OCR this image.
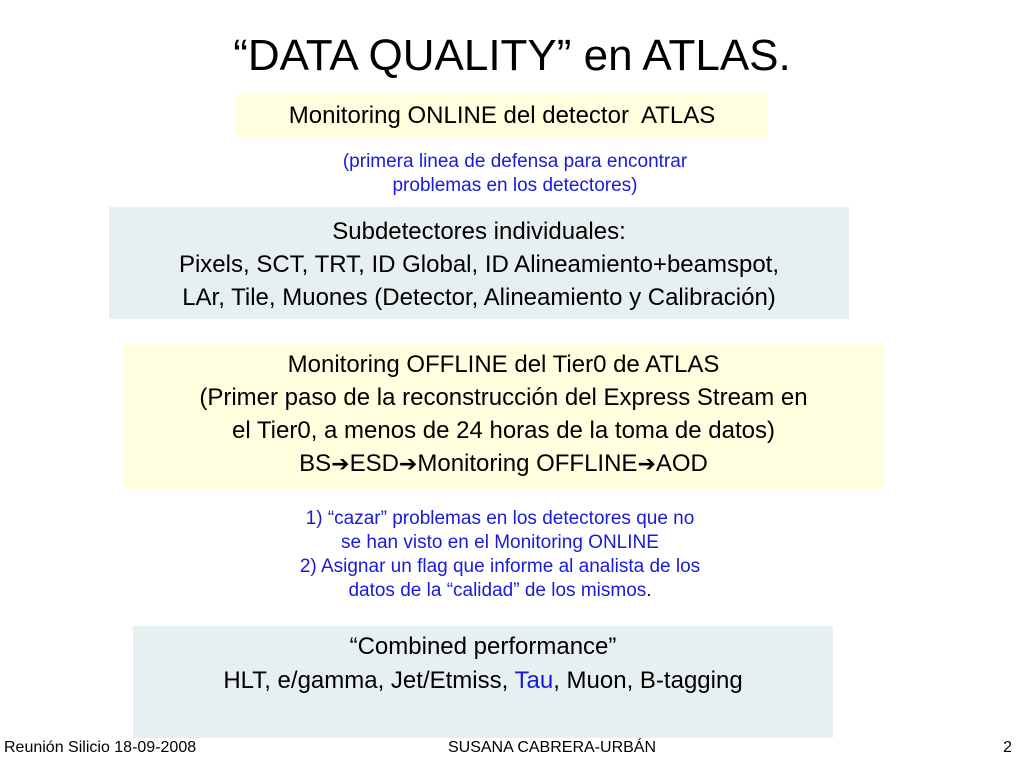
“DATA QUALITY” en ATLAS.
Monitoring ONLINE del detector  ATLAS
(primera linea de defensa para encontrar
problemas en los detectores)
Subdetectores individuales:
Pixels, SCT, TRT, ID Global, ID Alineamiento+beamspot,
LAr, Tile, Muones (Detector, Alineamiento y Calibración)
Monitoring OFFLINE del Tier0 de ATLAS
(Primer paso de la reconstrucción del Express Stream en
el Tier0, a menos de 24 horas de la toma de datos)
BS➔ESD➔Monitoring OFFLINE➔AOD
1) “cazar” problemas en los detectores que no
se han visto en el Monitoring ONLINE
2) Asignar un flag que informe al analista de los
datos de la “calidad” de los mismos.
“Combined performance”
HLT, e/gamma, Jet/Etmiss, Tau, Muon, B-tagging
Reunión Silicio 18-09-2008	SUSANA CABRERA-URBÁN	2
